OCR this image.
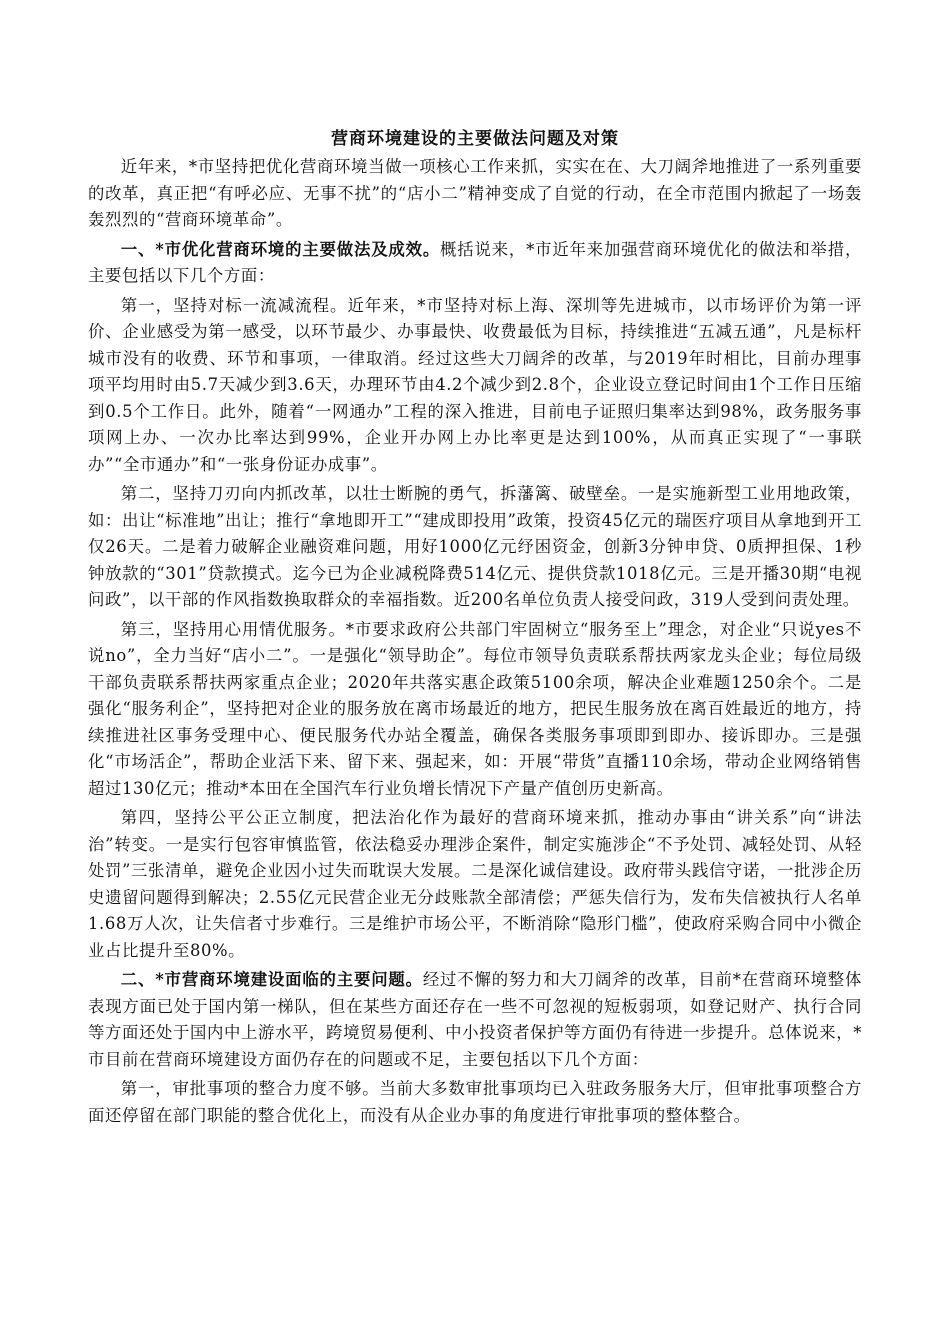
营商环境建设的主要做法问题及对策

近年来，*市坚持把优化营商环境当做一项核心工作来抓，实实在在、大刀阔斧地推进了一系列重要的改革，真正把“有呼必应、无事不扰”的“店小二”精神变成了自觉的行动，在全市范围内掀起了一场轰轰烈烈的“营商环境革命”。

一、*市优化营商环境的主要做法及成效。概括说来，*市近年来加强营商环境优化的做法和举措，主要包括以下几个方面：

第一，坚持对标一流减流程。近年来，*市坚持对标上海、深圳等先进城市，以市场评价为第一评价、企业感受为第一感受，以环节最少、办事最快、收费最低为目标，持续推进“五减五通”，凡是标杆城市没有的收费、环节和事项，一律取消。经过这些大刀阔斧的改革，与2019年时相比，目前办理事项平均用时由5.7天减少到3.6天，办理环节由4.2个减少到2.8个，企业设立登记时间由1个工作日压缩到0.5个工作日。此外，随着“一网通办”工程的深入推进，目前电子证照归集率达到98%，政务服务事项网上办、一次办比率达到99%，企业开办网上办比率更是达到100%，从而真正实现了“一事联办”“全市通办”和“一张身份证办成事”。

第二，坚持刀刃向内抓改革，以壮士断腕的勇气，拆藩篱、破壁垒。一是实施新型工业用地政策，如：出让“标准地”出让；推行“拿地即开工”“建成即投用”政策，投资45亿元的瑞医疗项目从拿地到开工仅26天。二是着力破解企业融资难问题，用好1000亿元纾困资金，创新3分钟申贷、0质押担保、1秒钟放款的“301”贷款摸式。迄今已为企业减税降费514亿元、提供贷款1018亿元。三是开播30期“电视问政”，以干部的作风指数换取群众的幸福指数。近200名单位负责人接受问政，319人受到问责处理。

第三，坚持用心用情优服务。*市要求政府公共部门牢固树立“服务至上”理念，对企业“只说yes不说no”，全力当好“店小二”。一是强化“领导助企”。每位市领导负责联系帮扶两家龙头企业；每位局级干部负责联系帮扶两家重点企业；2020年共落实惠企政策5100余项，解决企业难题1250余个。二是强化“服务利企”，坚持把对企业的服务放在离市场最近的地方，把民生服务放在离百姓最近的地方，持续推进社区事务受理中心、便民服务代办站全覆盖，确保各类服务事项即到即办、接诉即办。三是强化“市场活企”，帮助企业活下来、留下来、强起来，如：开展“带货”直播110余场，带动企业网络销售超过130亿元；推动*本田在全国汽车行业负增长情况下产量产值创历史新高。

第四，坚持公平公正立制度，把法治化作为最好的营商环境来抓，推动办事由“讲关系”向“讲法治”转变。一是实行包容审慎监管，依法稳妥办理涉企案件，制定实施涉企“不予处罚、减轻处罚、从轻处罚”三张清单，避免企业因小过失而耽误大发展。二是深化诚信建设。政府带头践信守诺，一批涉企历史遗留问题得到解决；2.55亿元民营企业无分歧账款全部清偿；严惩失信行为，发布失信被执行人名单1.68万人次，让失信者寸步难行。三是维护市场公平，不断消除“隐形门槛”，使政府采购合同中小微企业占比提升至80%。

二、*市营商环境建设面临的主要问题。经过不懈的努力和大刀阔斧的改革，目前*在营商环境整体表现方面已处于国内第一梯队，但在某些方面还存在一些不可忽视的短板弱项，如登记财产、执行合同等方面还处于国内中上游水平，跨境贸易便利、中小投资者保护等方面仍有待进一步提升。总体说来，*市目前在营商环境建设方面仍存在的问题或不足，主要包括以下几个方面：

第一，审批事项的整合力度不够。当前大多数审批事项均已入驻政务服务大厅，但审批事项整合方面还停留在部门职能的整合优化上，而没有从企业办事的角度进行审批事项的整体整合。
